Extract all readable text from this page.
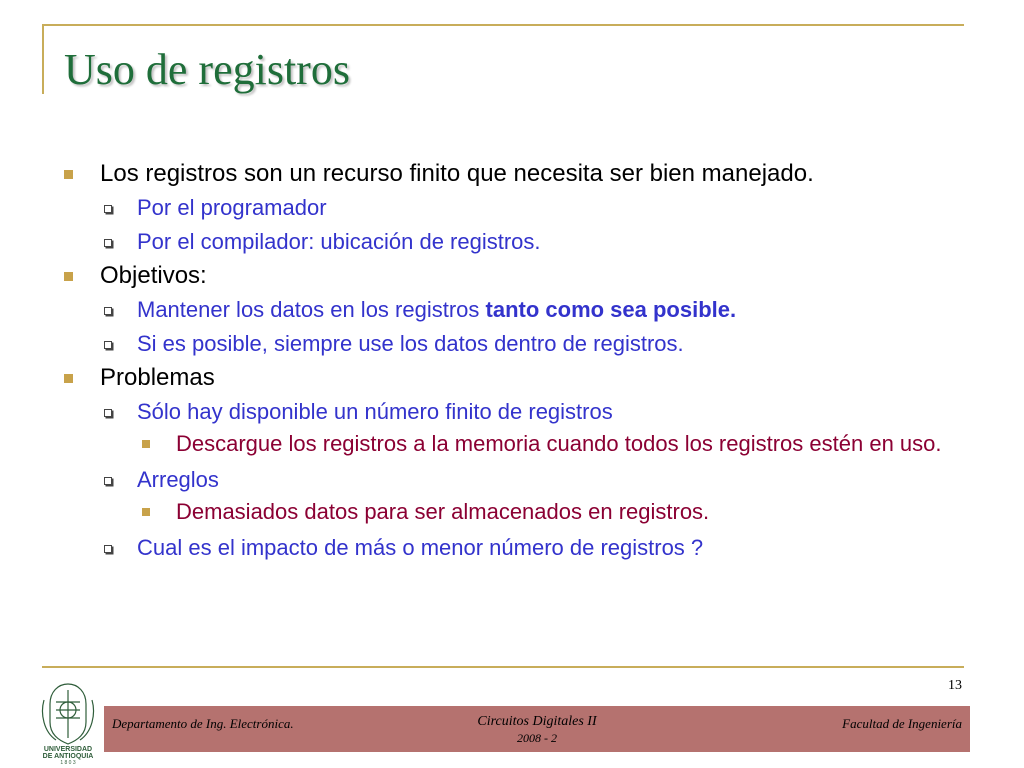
Uso de registros
Los registros son un recurso finito que necesita ser bien manejado.
Por el programador
Por el compilador: ubicación de registros.
Objetivos:
Mantener los datos en los registros tanto como sea posible.
Si es posible, siempre use los datos dentro de registros.
Problemas
Sólo hay disponible un número finito de registros
Descargue los registros a la memoria cuando todos los registros estén en uso.
Arreglos
Demasiados datos para ser almacenados en registros.
Cual es el impacto de más o menor número de registros ?
13
UNIVERSIDAD
DE ANTIOQUIA
1 8 0 3
Departamento de Ing. Electrónica.	Circuitos Digitales II
2008 - 2
Facultad de Ingeniería
